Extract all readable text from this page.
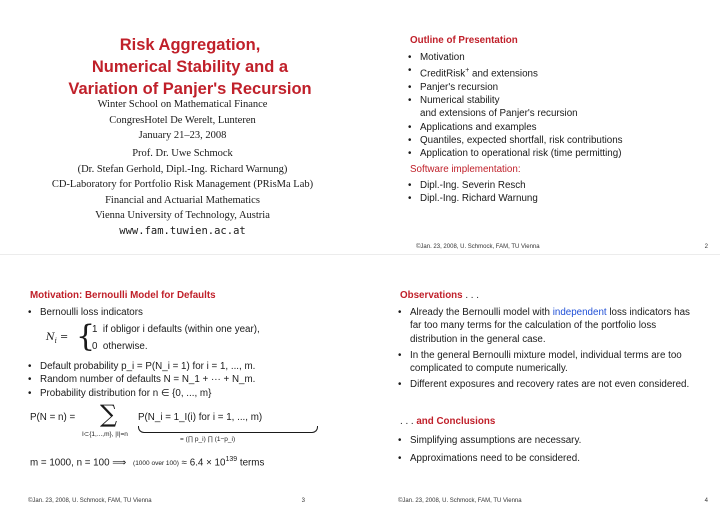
Risk Aggregation,
Numerical Stability and a
Variation of Panjer's Recursion
Winter School on Mathematical Finance
CongresHotel De Werelt, Lunteren
January 21–23, 2008
Prof. Dr. Uwe Schmock
(Dr. Stefan Gerhold, Dipl.-Ing. Richard Warnung)
CD-Laboratory for Portfolio Risk Management (PRisMa Lab)
Financial and Actuarial Mathematics
Vienna University of Technology, Austria
www.fam.tuwien.ac.at
Outline of Presentation
• Motivation
• CreditRisk+ and extensions
• Panjer's recursion
• Numerical stability
and extensions of Panjer's recursion
• Applications and examples
• Quantiles, expected shortfall, risk contributions
• Application to operational risk (time permitting)
Software implementation:
• Dipl.-Ing. Severin Resch
• Dipl.-Ing. Richard Warnung
©Jan. 23, 2008, U. Schmock, FAM, TU Vienna	2
Motivation: Bernoulli Model for Defaults
• Bernoulli loss indicators
$N_i$ = {
1  if obligor i defaults (within one year),
0  otherwise.
• Default probability p_i = P(N_i = 1) for i = 1, ..., m.
• Random number of defaults N = N_1 + ··· + N_m.
• Probability distribution for n ∈ {0, ..., m}
P(N = n) = ∑ P(N_i = 1_I(i) for i = 1, ..., m)
I⊂{1,...,m}, |I|=n
= (∏ p_i) ∏ (1−p_i)
m = 1000, n = 100 ⟹ (1000 over $100) \approx 6.4 \times 10^{139}$ terms
©Jan. 23, 2008, U. Schmock, FAM, TU Vienna	3
Observations . . .
• Already the Bernoulli model with independent loss indicators has far too many terms for the calculation of the portfolio loss distribution in the general case.
• In the general Bernoulli mixture model, individual terms are too complicated to compute numerically.
• Different exposures and recovery rates are not even considered.
. . . and Conclusions
• Simplifying assumptions are necessary.
• Approximations need to be considered.
©Jan. 23, 2008, U. Schmock, FAM, TU Vienna	4
